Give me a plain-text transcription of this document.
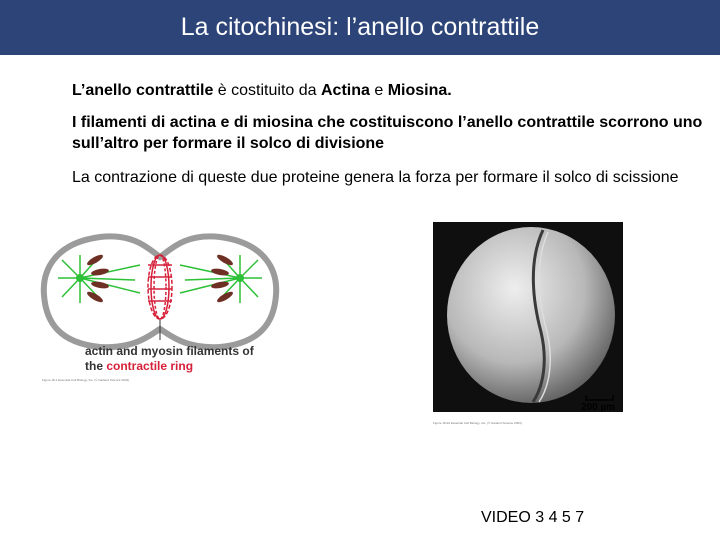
La citochinesi: l’anello contrattile

L’anello contrattile è costituito da Actina e Miosina.

I filamenti di actina e di miosina che costituiscono l’anello contrattile scorrono uno sull’altro per formare il solco di divisione

La contrazione di queste due proteine genera la forza per formare il solco di scissione

actin and myosin filaments of
the contractile ring

Figure 18-1 Essential Cell Biology, 2/e. (© Garland Science 2004)
200 µm
Figure 18-40 Essential Cell Biology, 2/e. (© Garland Science 2004)
VIDEO 3 4 5 7
